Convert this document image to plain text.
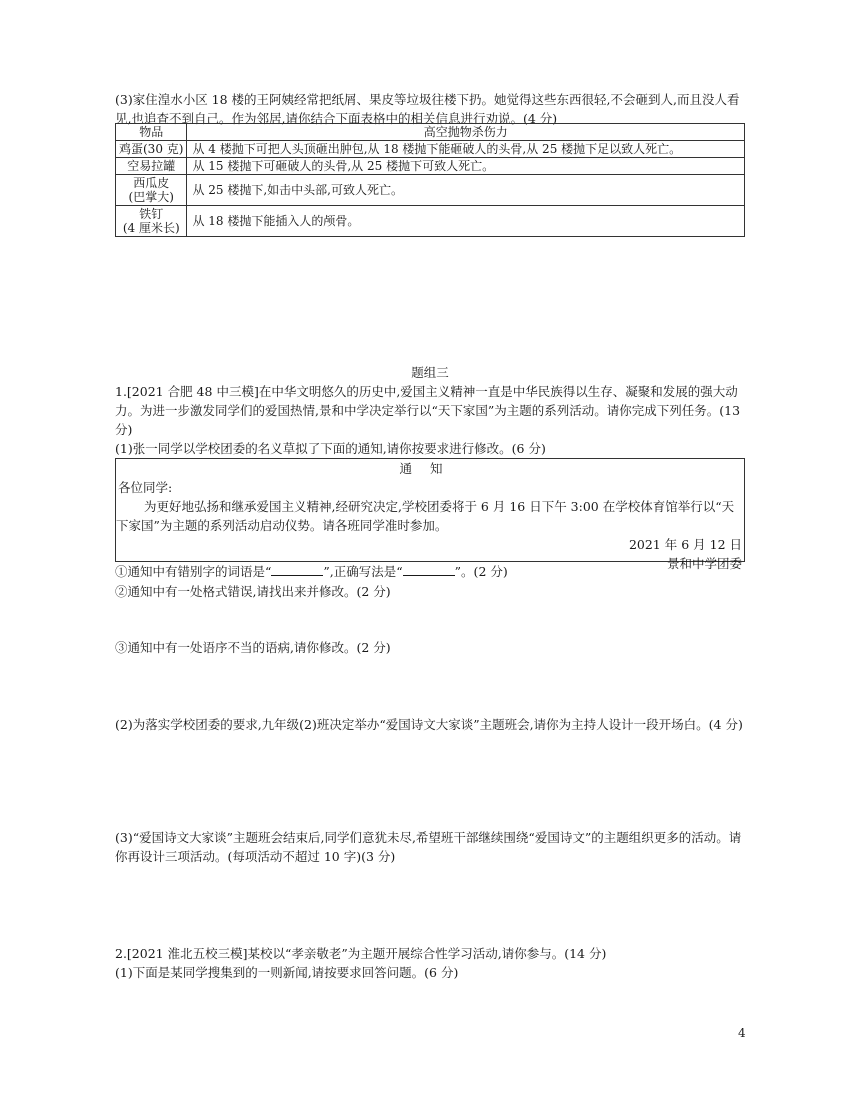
(3)家住湟水小区 18 楼的王阿姨经常把纸屑、果皮等垃圾往楼下扔。她觉得这些东西很轻,不会砸到人,而且没人看见,也追查不到自己。作为邻居,请你结合下面表格中的相关信息进行劝说。(4 分)

物品	高空抛物杀伤力
鸡蛋(30 克)	从 4 楼抛下可把人头顶砸出肿包,从 18 楼抛下能砸破人的头骨,从 25 楼抛下足以致人死亡。
空易拉罐	从 15 楼抛下可砸破人的头骨,从 25 楼抛下可致人死亡。
西瓜皮
(巴掌大)	从 25 楼抛下,如击中头部,可致人死亡。
铁钉
(4 厘米长)	从 18 楼抛下能插入人的颅骨。

题组三

1.[2021 合肥 48 中三模]在中华文明悠久的历史中,爱国主义精神一直是中华民族得以生存、凝聚和发展的强大动力。为进一步激发同学们的爱国热情,景和中学决定举行以“天下家国”为主题的系列活动。请你完成下列任务。(13 分)

(1)张一同学以学校团委的名义草拟了下面的通知,请你按要求进行修改。(6 分)

通知
各位同学:
为更好地弘扬和继承爱国主义精神,经研究决定,学校团委将于 6 月 16 日下午 3:00 在学校体育馆举行以“天下家国”为主题的系列活动启动仪势。请各班同学准时参加。
2021 年 6 月 12 日
景和中学团委

①通知中有错别字的词语是“	”,正确写法是“	”。(2 分)

②通知中有一处格式错误,请找出来并修改。(2 分)

③通知中有一处语序不当的语病,请你修改。(2 分)

(2)为落实学校团委的要求,九年级(2)班决定举办“爱国诗文大家谈”主题班会,请你为主持人设计一段开场白。(4 分)

(3)“爱国诗文大家谈”主题班会结束后,同学们意犹未尽,希望班干部继续围绕“爱国诗文”的主题组织更多的活动。请你再设计三项活动。(每项活动不超过 10 字)(3 分)

2.[2021 淮北五校三模]某校以“孝亲敬老”为主题开展综合性学习活动,请你参与。(14 分)

(1)下面是某同学搜集到的一则新闻,请按要求回答问题。(6 分)

4
